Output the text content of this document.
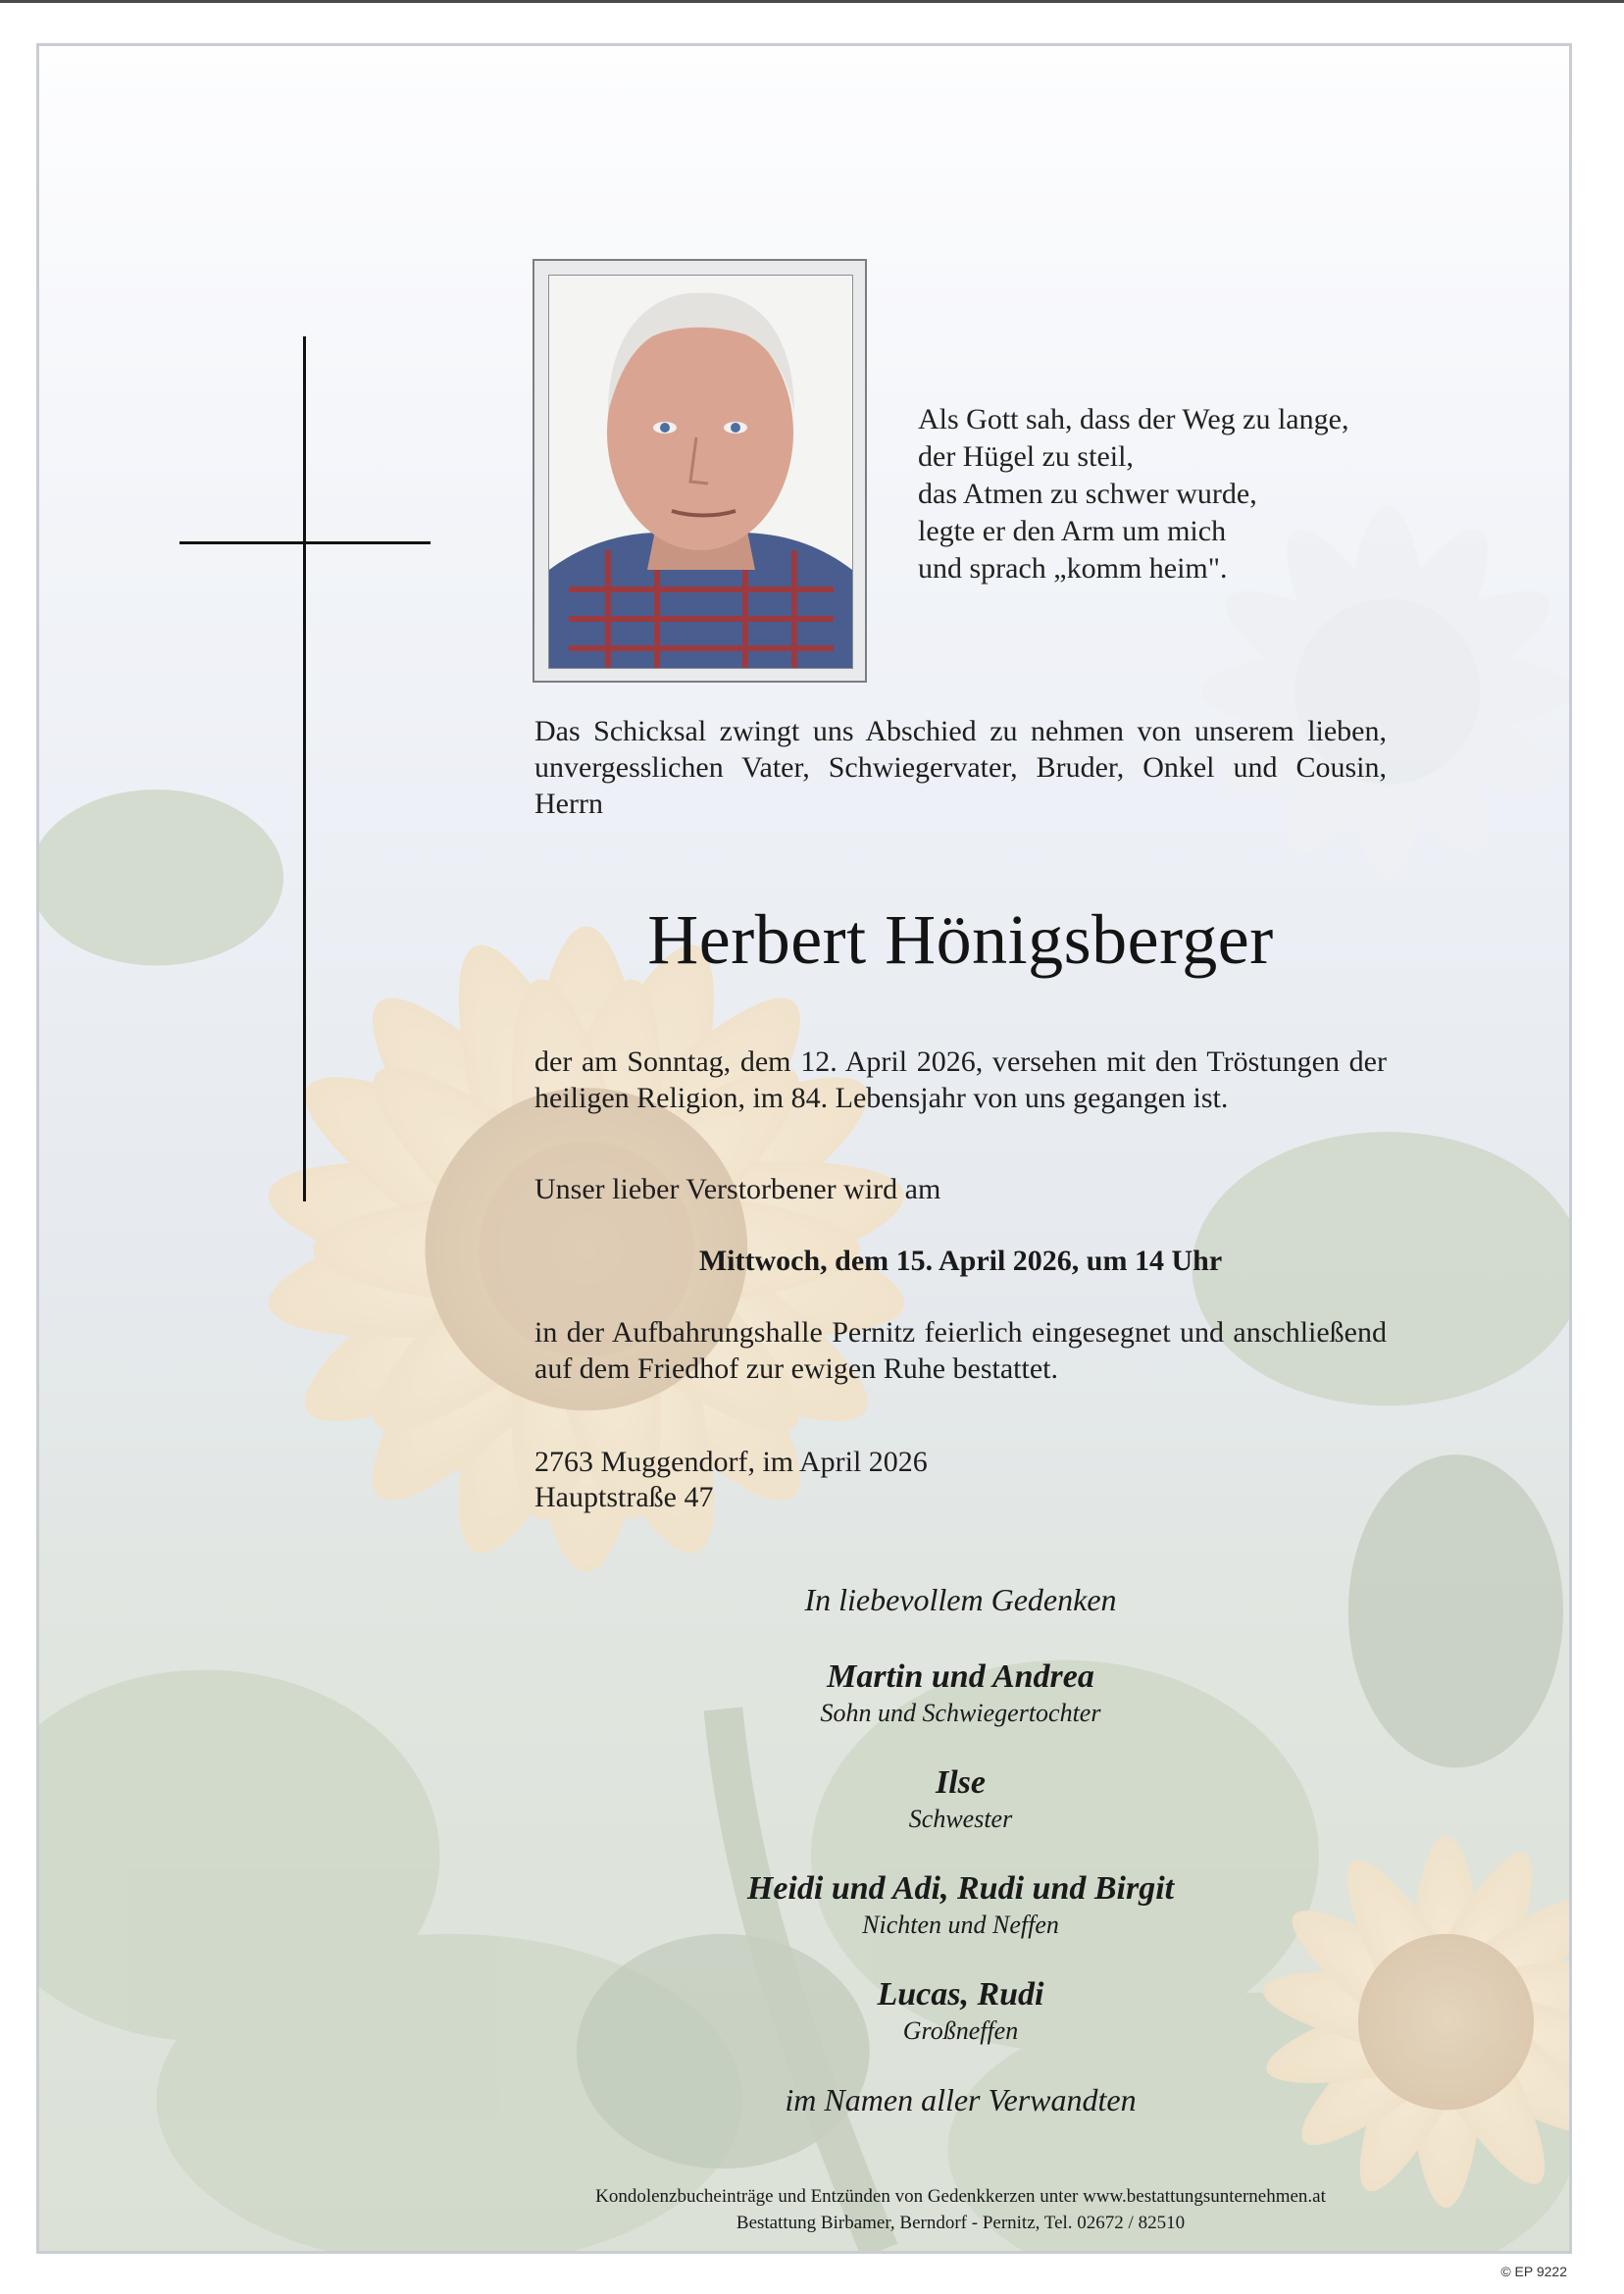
Als Gott sah, dass der Weg zu lange,
der Hügel zu steil,
das Atmen zu schwer wurde,
legte er den Arm um mich
und sprach „komm heim".
Das Schicksal zwingt uns Abschied zu nehmen von unserem lieben, unvergesslichen Vater, Schwiegervater, Bruder, Onkel und Cousin, Herrn
Herbert Hönigsberger
der am Sonntag, dem 12. April 2026, versehen mit den Tröstungen der heiligen Religion, im 84. Lebensjahr von uns gegangen ist.
Unser lieber Verstorbener wird am
Mittwoch, dem 15. April 2026, um 14 Uhr
in der Aufbahrungshalle Pernitz feierlich eingesegnet und anschließend auf dem Friedhof zur ewigen Ruhe bestattet.
2763 Muggendorf, im April 2026
Hauptstraße 47
In liebevollem Gedenken
Martin und Andrea
Sohn und Schwiegertochter
Ilse
Schwester
Heidi und Adi, Rudi und Birgit
Nichten und Neffen
Lucas, Rudi
Großneffen
im Namen aller Verwandten
Kondolenzbucheinträge und Entzünden von Gedenkkerzen unter www.bestattungsunternehmen.at
Bestattung Birbamer, Berndorf - Pernitz, Tel. 02672 / 82510
© EP 9222
